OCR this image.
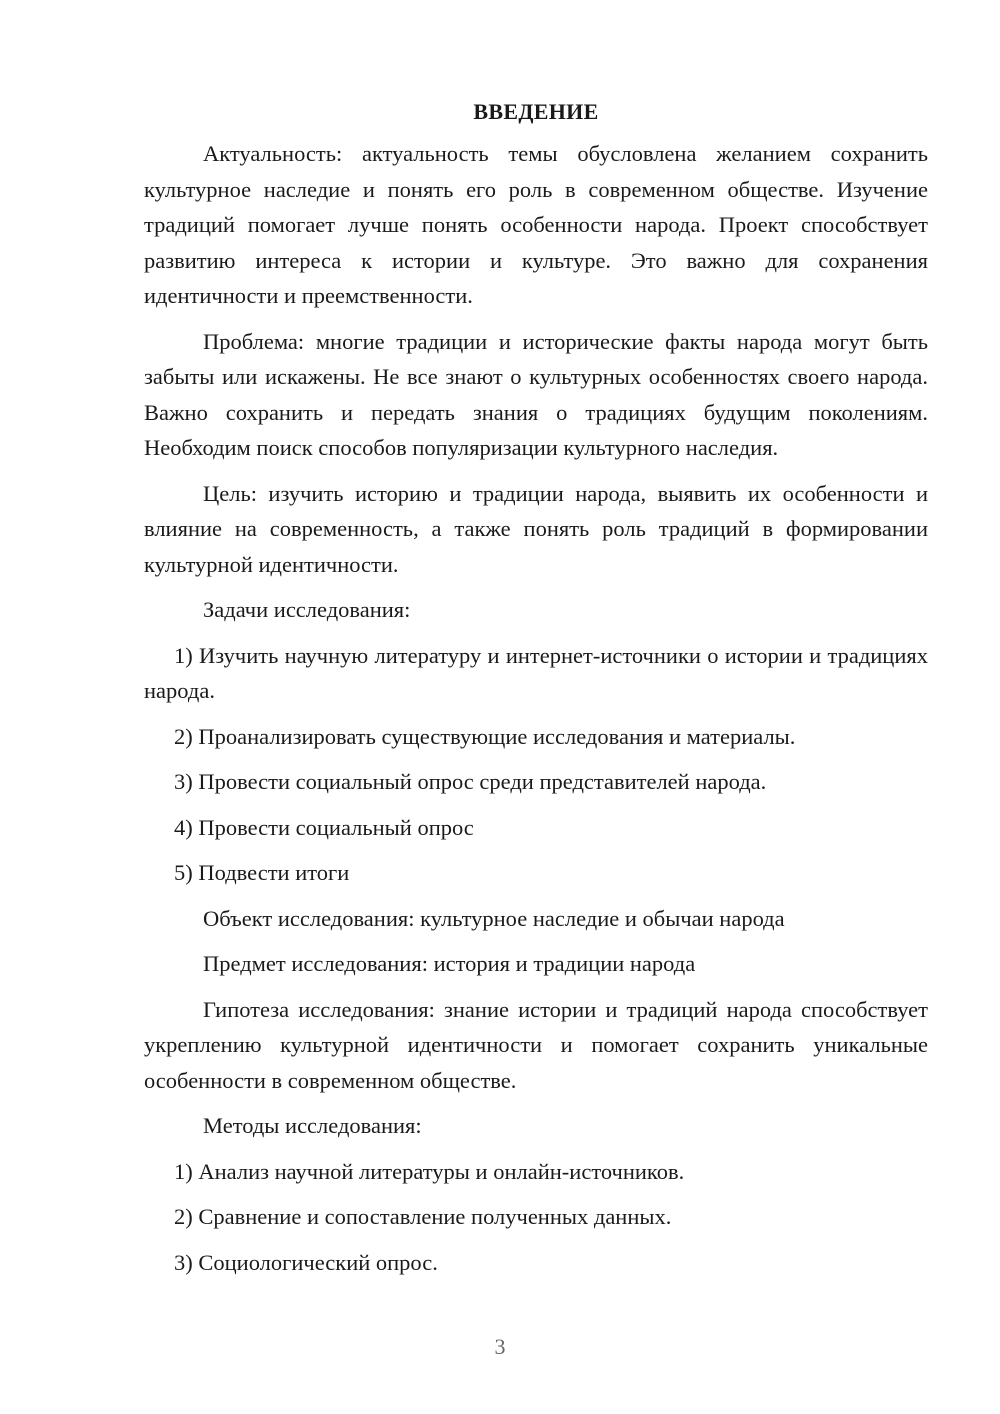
ВВЕДЕНИЕ

Актуальность: актуальность темы обусловлена желанием сохранить культурное наследие и понять его роль в современном обществе. Изучение традиций помогает лучше понять особенности народа. Проект способствует развитию интереса к истории и культуре. Это важно для сохранения идентичности и преемственности.

Проблема: многие традиции и исторические факты народа могут быть забыты или искажены. Не все знают о культурных особенностях своего народа. Важно сохранить и передать знания о традициях будущим поколениям. Необходим поиск способов популяризации культурного наследия.

Цель: изучить историю и традиции народа, выявить их особенности и влияние на современность, а также понять роль традиций в формировании культурной идентичности.

Задачи исследования:

1) Изучить научную литературу и интернет-источники о истории и традициях народа.

2) Проанализировать существующие исследования и материалы.
3) Провести социальный опрос среди представителей народа.
4) Провести социальный опрос
5) Подвести итоги
Объект исследования: культурное наследие и обычаи народа
Предмет исследования: история и традиции народа

Гипотеза исследования: знание истории и традиций народа способствует укреплению культурной идентичности и помогает сохранить уникальные особенности в современном обществе.

Методы исследования:
1) Анализ научной литературы и онлайн-источников.
2) Сравнение и сопоставление полученных данных.
3) Социологический опрос.
3
